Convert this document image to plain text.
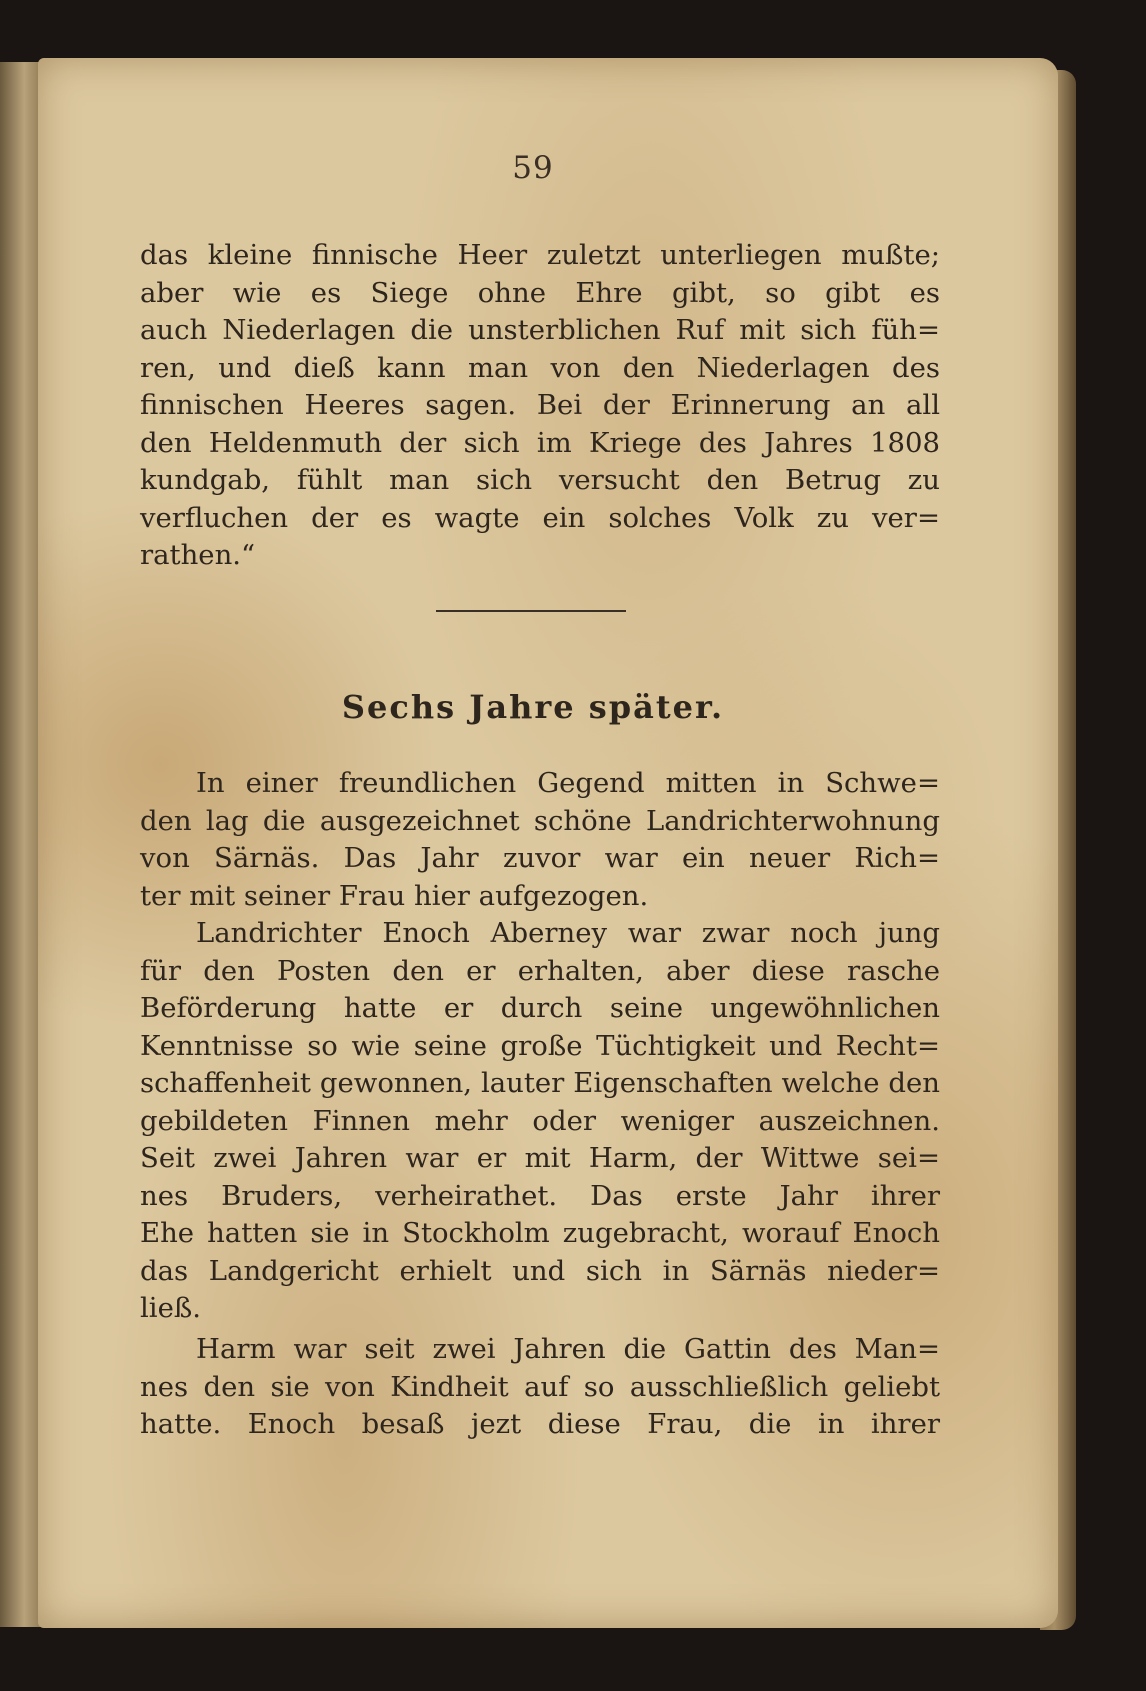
59
das kleine finnische Heer zuletzt unterliegen mußte;
aber wie es Siege ohne Ehre gibt, so gibt es
auch Niederlagen die unsterblichen Ruf mit sich füh=
ren, und dieß kann man von den Niederlagen des
finnischen Heeres sagen. Bei der Erinnerung an all
den Heldenmuth der sich im Kriege des Jahres 1808
kundgab, fühlt man sich versucht den Betrug zu
verfluchen der es wagte ein solches Volk zu ver=
rathen.“
Sechs Jahre später.
In einer freundlichen Gegend mitten in Schwe=
den lag die ausgezeichnet schöne Landrichterwohnung
von Särnäs. Das Jahr zuvor war ein neuer Rich=
ter mit seiner Frau hier aufgezogen.
Landrichter Enoch Aberney war zwar noch jung
für den Posten den er erhalten, aber diese rasche
Beförderung hatte er durch seine ungewöhnlichen
Kenntnisse so wie seine große Tüchtigkeit und Recht=
schaffenheit gewonnen, lauter Eigenschaften welche den
gebildeten Finnen mehr oder weniger auszeichnen.
Seit zwei Jahren war er mit Harm, der Wittwe sei=
nes Bruders, verheirathet. Das erste Jahr ihrer
Ehe hatten sie in Stockholm zugebracht, worauf Enoch
das Landgericht erhielt und sich in Särnäs nieder=
ließ.
Harm war seit zwei Jahren die Gattin des Man=
nes den sie von Kindheit auf so ausschließlich geliebt
hatte. Enoch besaß jezt diese Frau, die in ihrer
